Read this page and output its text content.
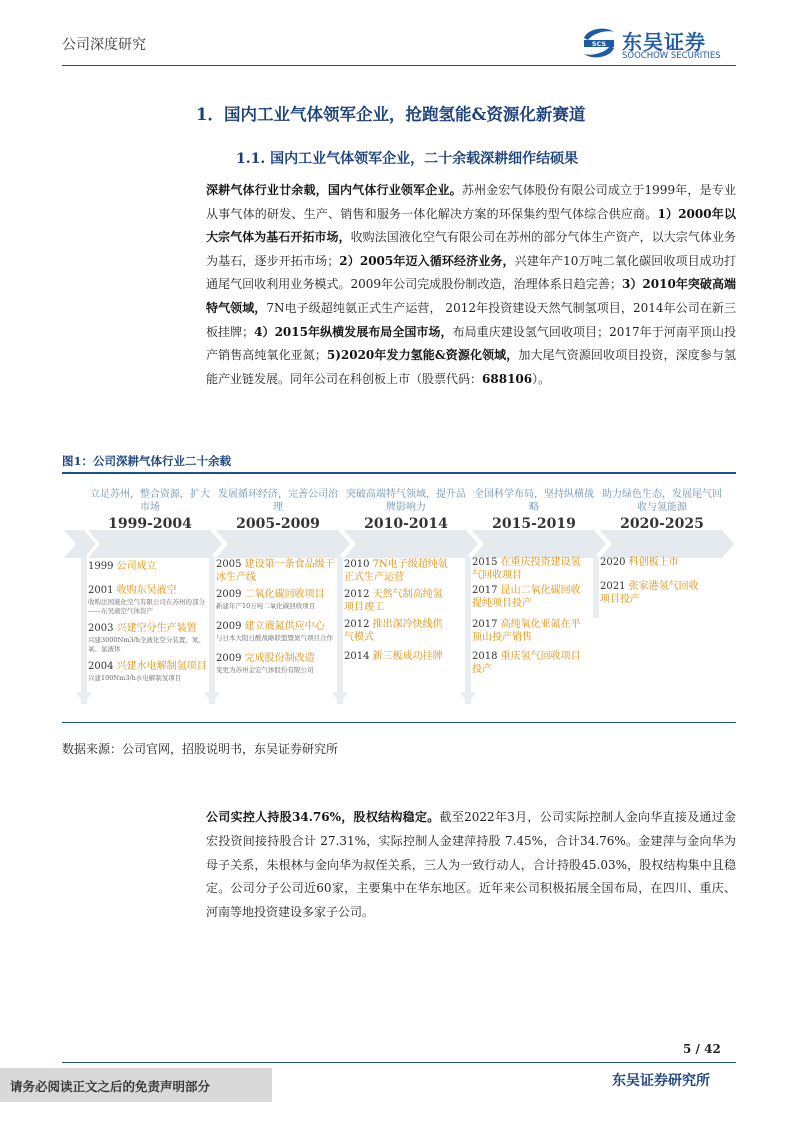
公司深度研究	SCS 东吴证券
SOOCHOW SECURITIES
1．国内工业气体领军企业，抢跑氢能&资源化新赛道
1.1. 国内工业气体领军企业，二十余载深耕细作结硕果
深耕气体行业廿余载，国内气体行业领军企业。苏州金宏气体股份有限公司成立于1999年，是专业从事气体的研发、生产、销售和服务一体化解决方案的环保集约型气体综合供应商。1）2000年以大宗气体为基石开拓市场，收购法国液化空气有限公司在苏州的部分气体生产资产，以大宗气体业务为基石，逐步开拓市场；2）2005年迈入循环经济业务，兴建年产10万吨二氧化碳回收项目成功打通尾气回收利用业务模式。2009年公司完成股份制改造，治理体系日趋完善；3）2010年突破高端特气领域，7N电子级超纯氨正式生产运营， 2012年投资建设天然气制氢项目，2014年公司在新三板挂牌；4）2015年纵横发展布局全国市场，布局重庆建设氢气回收项目；2017年于河南平顶山投产销售高纯氧化亚氮；5)2020年发力氢能&资源化领域，加大尾气资源回收项目投资，深度参与氢能产业链发展。同年公司在科创板上市（股票代码：688106）。
图1：公司深耕气体行业二十余载
立足苏州，整合资源，扩大市场
1999-2004
发展循环经济，完善公司治理
2005-2009
突破高端特气领域，提升品牌影响力
2010-2014
全国科学布局，坚持纵横战略
2015-2019
助力绿色生态，发展尾气回收与氢能源
2020-2025
1999 公司成立
2001 收购东吴液空
收购法国液化空气有限公司在苏州的部分——东吴液空气体资产
2003 兴建空分生产装置
兴建3000Nm3/h全液化空分装置，氮、氧、氩液体
2004 兴建水电解制氢项目
兴建100Nm3/h水电解制氢项目
2005 建设第一条食品级干冰生产线
2009 二氧化碳回收项目
新建年产10万吨二氧化碳回收项目
2009 建立液氮供应中心
与日本大阳日酸战略联盟暨氮气项目合作
2009 完成股份制改造
变更为苏州金宏气体股份有限公司
2010 7N电子级超纯氨正式生产运营
2012 天然气制高纯氢项目竣工
2012 推出深冷快线供气模式
2014 新三板成功挂牌
2015 在重庆投资建设氢气回收项目
2017 昆山二氧化碳回收提纯项目投产
2017 高纯氧化亚氮在平顶山投产销售
2018 重庆氢气回收项目投产
2020 科创板上市
2021 张家港氢气回收项目投产
数据来源：公司官网，招股说明书，东吴证券研究所
公司实控人持股34.76%，股权结构稳定。截至2022年3月，公司实际控制人金向华直接及通过金宏投资间接持股合计 27.31%，实际控制人金建萍持股 7.45%，合计34.76%。金建萍与金向华为母子关系，朱根林与金向华为叔侄关系，三人为一致行动人，合计持股45.03%，股权结构集中且稳定。公司分子公司近60家，主要集中在华东地区。近年来公司积极拓展全国布局，在四川、重庆、河南等地投资建设多家子公司。
5 / 42
请务必阅读正文之后的免责声明部分	东吴证券研究所
